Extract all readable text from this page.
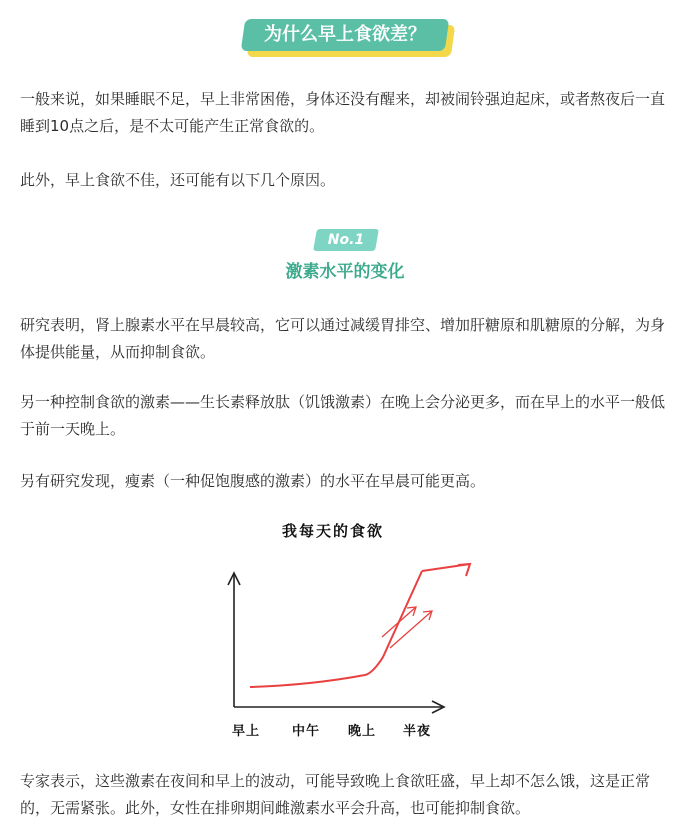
为什么早上食欲差？
一般来说，如果睡眠不足，早上非常困倦，身体还没有醒来，却被闹铃强迫起床，或者熬夜后一直睡到10点之后，是不太可能产生正常食欲的。
此外，早上食欲不佳，还可能有以下几个原因。
No.1
激素水平的变化
研究表明，肾上腺素水平在早晨较高，它可以通过减缓胃排空、增加肝糖原和肌糖原的分解，为身体提供能量，从而抑制食欲。
另一种控制食欲的激素——生长素释放肽（饥饿激素）在晚上会分泌更多，而在早上的水平一般低于前一天晚上。
另有研究发现，瘦素（一种促饱腹感的激素）的水平在早晨可能更高。
我每天的食欲
早上 中午 晚上 半夜
专家表示，这些激素在夜间和早上的波动，可能导致晚上食欲旺盛，早上却不怎么饿，这是正常的，无需紧张。此外，女性在排卵期间雌激素水平会升高，也可能抑制食欲。
